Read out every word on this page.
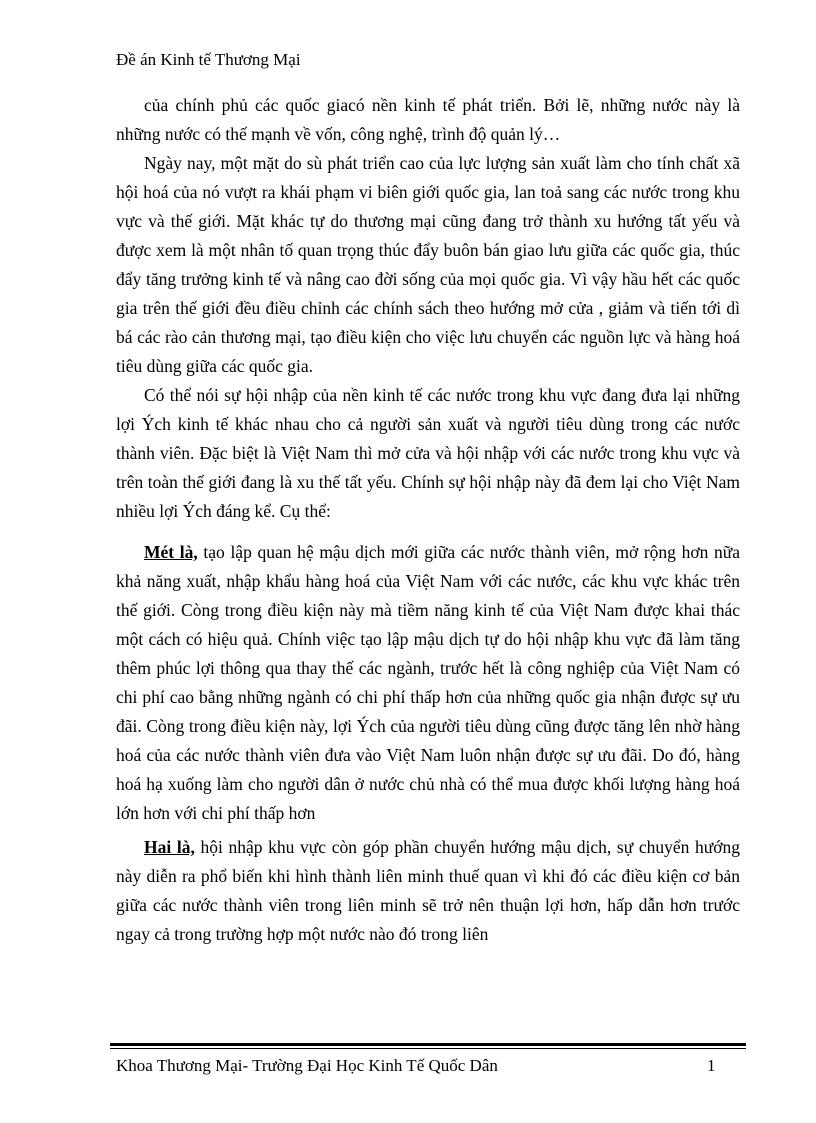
Đề án Kinh tế Thương Mại

của chính phủ các quốc giacó nền kinh tế phát triển. Bởi lẽ, những nước này là những nước có thế mạnh về vốn, công nghệ, trình độ quản lý…

Ngày nay, một mặt do sù phát triển cao của lực lượng sản xuất làm cho tính chất xã hội hoá của nó vượt ra khái phạm vi biên giới quốc gia, lan toả sang các nước trong khu vực và thế giới. Mặt khác tự do thương mại cũng đang trở thành xu hướng tất yếu và được xem là một nhân tố quan trọng thúc đẩy buôn bán giao lưu giữa các quốc gia, thúc đẩy tăng trưởng kinh tế và nâng cao đời sống của mọi quốc gia. Vì vậy hầu hết các quốc gia trên thế giới đều điều chỉnh các chính sách theo hướng mở cửa , giảm và tiến tới dì bá các rào cản thương mại, tạo điều kiện cho việc lưu chuyển các nguồn lực và hàng hoá tiêu dùng giữa các quốc gia.

Có thể nói sự hội nhập của nền kinh tế các nước trong khu vực đang đưa lại những lợi Ých kinh tế khác nhau cho cả người sản xuất và người tiêu dùng trong các nước thành viên. Đặc biệt là Việt Nam thì mở cửa và hội nhập với các nước trong khu vực và trên toàn thế giới đang là xu thế tất yếu. Chính sự hội nhập này đã đem lại cho Việt Nam nhiều lợi Ých đáng kể. Cụ thể:

Mét là, tạo lập quan hệ mậu dịch mới giữa các nước thành viên, mở rộng hơn nữa khả năng xuất, nhập khẩu hàng hoá của Việt Nam với các nước, các khu vực khác trên thế giới. Còng trong điều kiện này mà tiềm năng kinh tế của Việt Nam được khai thác một cách có hiệu quả. Chính việc tạo lập mậu dịch tự do hội nhập khu vực đã làm tăng thêm phúc lợi thông qua thay thế các ngành, trước hết là công nghiệp của Việt Nam có chi phí cao bằng những ngành có chi phí thấp hơn của những quốc gia nhận được sự ưu đãi. Còng trong điều kiện này, lợi Ých của người tiêu dùng cũng được tăng lên nhờ hàng hoá của các nước thành viên đưa vào Việt Nam luôn nhận được sự ưu đãi. Do đó, hàng hoá hạ xuống làm cho người dân ở nước chủ nhà có thể mua được khối lượng hàng hoá lớn hơn với chi phí thấp hơn

Hai là, hội nhập khu vực còn góp phần chuyển hướng mậu dịch, sự chuyển hướng này diễn ra phổ biến khi hình thành liên minh thuế quan vì khi đó các điều kiện cơ bản giữa các nước thành viên trong liên minh sẽ trở nên thuận lợi hơn, hấp dẫn hơn trước ngay cả trong trường hợp một nước nào đó trong liên

Khoa Thương Mại- Trường Đại Học Kinh Tế Quốc Dân	1
